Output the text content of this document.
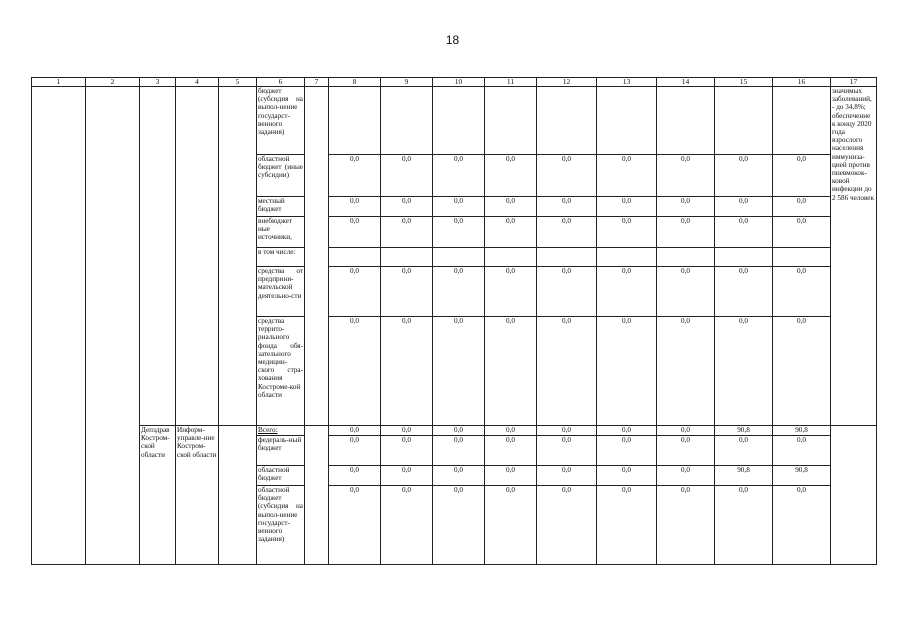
18
1	2	3	4	5	6	7	8	9	10	11	12	13	14	15	16	17
					бюджет (субсидия на выпол-нение государст-венного задания)											значимых заболеваний, - до 34,8%; обеспечение к концу 2020 года взрослого населения иммуниза-цией против пневмокок-ковой инфекции до 2 586 человек
					областной бюджет (иные субсидии)		0,0	0,0	0,0	0,0	0,0	0,0	0,0	0,0	0,0	
					местный бюджет		0,0	0,0	0,0	0,0	0,0	0,0	0,0	0,0	0,0	
					внебюджет ные источники,		0,0	0,0	0,0	0,0	0,0	0,0	0,0	0,0	0,0	
					в том числе:											
					средства от предприни-мательской деятельно-сти		0,0	0,0	0,0	0,0	0,0	0,0	0,0	0,0	0,0	
					средства террито-риального фонда обя-зательного медицин-ского стра-хования Костроме-кой области		0,0	0,0	0,0	0,0	0,0	0,0	0,0	0,0	0,0	
		Депздрав Костром-ской области	Информ-управле-ние Костром-ской области		Всего:		0,0	0,0	0,0	0,0	0,0	0,0	0,0	90,8	90,8	
					федераль-ный бюджет		0,0	0,0	0,0	0,0	0,0	0,0	0,0	0,0	0,0	
					областной бюджет		0,0	0,0	0,0	0,0	0,0	0,0	0,0	90,8	90,8	
					областной бюджет (субсидия на выпол-нение государст-венного задания)		0,0	0,0	0,0	0,0	0,0	0,0	0,0	0,0	0,0	
